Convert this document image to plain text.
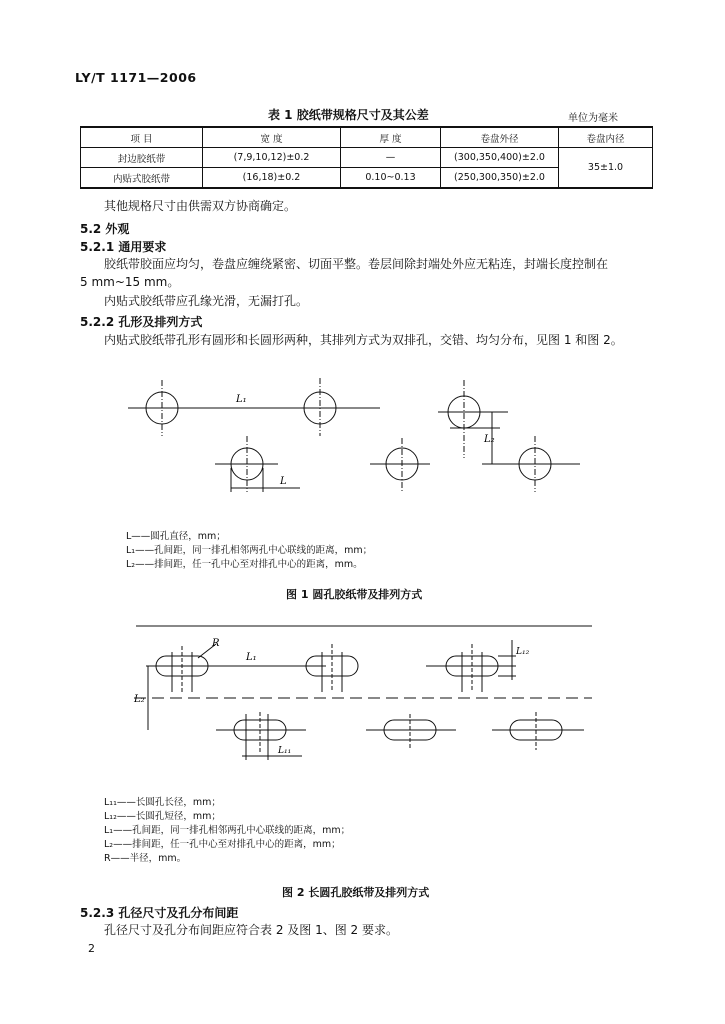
LY/T 1171—2006
表 1 胶纸带规格尺寸及其公差	单位为毫米
项 目	宽 度	厚 度	卷盘外径	卷盘内径
封边胶纸带	(7,9,10,12)±0.2	—	(300,350,400)±2.0	35±1.0
内贴式胶纸带	(16,18)±0.2	0.10~0.13	(250,300,350)±2.0	
其他规格尺寸由供需双方协商确定。
5.2 外观
5.2.1 通用要求
胶纸带胶面应均匀，卷盘应缠绕紧密、切面平整。卷层间除封端处外应无粘连，封端长度控制在
5 mm~15 mm。
内贴式胶纸带应孔缘光滑，无漏打孔。
5.2.2 孔形及排列方式
内贴式胶纸带孔形有圆形和长圆形两种，其排列方式为双排孔，交错、均匀分布，见图 1 和图 2。
L₁
L₂
L
L——圆孔直径，mm；
L₁——孔间距，同一排孔相邻两孔中心联线的距离，mm；
L₂——排间距，任一孔中心至对排孔中心的距离，mm。
图 1 圆孔胶纸带及排列方式
R
L₁
L₂
L₁₁
L₁₂
L₁₁——长圆孔长径，mm；
L₁₂——长圆孔短径，mm；
L₁——孔间距，同一排孔相邻两孔中心联线的距离，mm；
L₂——排间距，任一孔中心至对排孔中心的距离，mm；
R——半径，mm。
图 2 长圆孔胶纸带及排列方式
5.2.3 孔径尺寸及孔分布间距
孔径尺寸及孔分布间距应符合表 2 及图 1、图 2 要求。
2
